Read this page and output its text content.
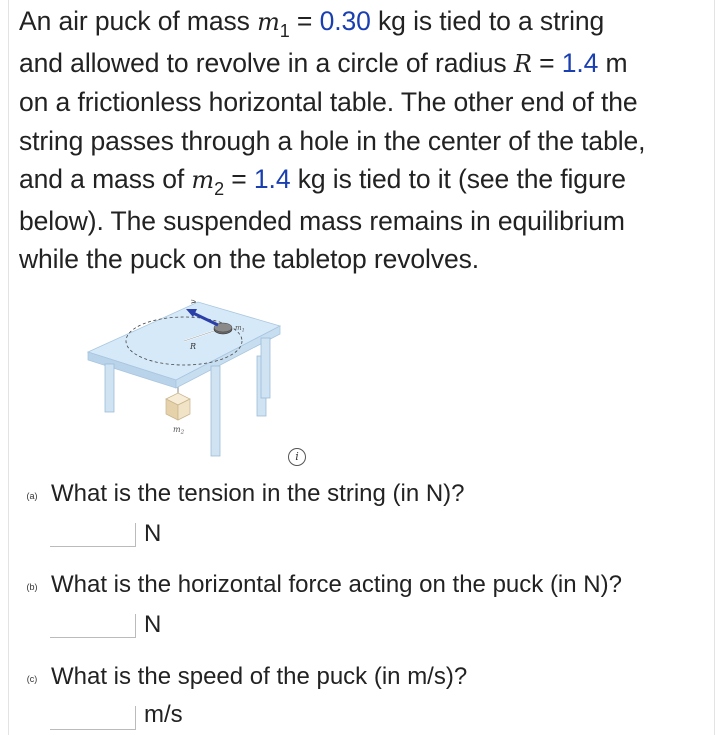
An air puck of mass $m_1 = 0.30$ kg is tied to a string
and allowed to revolve in a circle of radius R = 1.4 m
on a frictionless horizontal table. The other end of the
string passes through a hole in the center of the table,
and a mass of $m_2 = 1.4$ kg is tied to it (see the figure
below). The suspended mass remains in equilibrium
while the puck on the tabletop revolves.
m2
R
$m_1$
v
i
(a) What is the tension in the string (in N)?
N
(b) What is the horizontal force acting on the puck (in N)?
N
(c) What is the speed of the puck (in m/s)?
m/s
